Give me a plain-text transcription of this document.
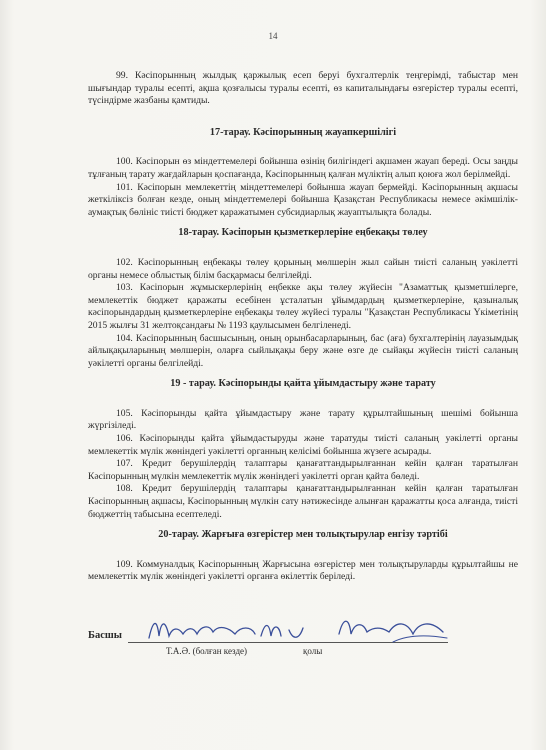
14

99. Кәсіпорынның жылдық қаржылық есеп беруі бухгалтерлік теңгерімді, табыстар мен шығындар туралы есепті, ақша қозғалысы туралы есепті, өз капиталындағы өзгерістер туралы есепті, түсіндірме жазбаны қамтиды.

17-тарау. Кәсіпорынның жауапкершілігі

100. Кәсіпорын өз міндеттемелері бойынша өзінің билігіндегі ақшамен жауап береді. Осы заңды тұлғаның тарату жағдайларын қоспағанда, Кәсіпорынның қалған мүліктің алып қоюға жол берілмейді.

101. Кәсіпорын мемлекеттің міндеттемелері бойынша жауап бермейді. Кәсіпорынның ақшасы жеткіліксіз болған кезде, оның міндеттемелері бойынша Қазақстан Республикасы немесе әкімшілік-аумақтық бөлініс тиісті бюджет қаражатымен субсидиарлық жауаптылықта болады.

18-тарау. Кәсіпорын қызметкерлеріне еңбекақы төлеу

102. Кәсіпорынның еңбекақы төлеу қорының мөлшерін жыл сайын тиісті саланың уәкілетті органы немесе облыстық білім басқармасы белгілейді.

103. Кәсіпорын жұмыскерлерінің еңбекке ақы төлеу жүйесін "Азаматтық қызметшілерге, мемлекеттік бюджет қаражаты есебінен ұсталатын ұйымдардың қызметкерлеріне, қазыналық кәсіпорындардың қызметкерлеріне еңбекақы төлеу жүйесі туралы "Қазақстан Республикасы Үкіметінің 2015 жылғы 31 желтоқсандағы № 1193 қаулысымен белгіленеді.

104. Кәсіпорынның басшысының, оның орынбасарларының, бас (аға) бухгалтерінің лауазымдық айлықақыларының мөлшерін, оларға сыйлықақы беру және өзге де сыйақы жүйесін тиісті саланың уәкілетті органы белгілейді.

19 - тарау. Кәсіпорынды қайта ұйымдастыру және тарату

105. Кәсіпорынды қайта ұйымдастыру және тарату құрылтайшының шешімі бойынша жүргізіледі.

106. Кәсіпорынды қайта ұйымдастыруды және таратуды тиісті саланың уәкілетті органы мемлекеттік мүлік жөніндегі уәкілетті органның келісімі бойынша жүзеге асырады.

107. Кредит берушілердің талаптары қанағаттандырылғаннан кейін қалған таратылған Кәсіпорынның мүлкін мемлекеттік мүлік жөніндегі уәкілетті орган қайта бөледі.

108. Кредит берушілердің талаптары қанағаттандырылғаннан кейін қалған таратылған Кәсіпорынның ақшасы, Кәсіпорынның мүлкін сату нәтижесінде алынған қаражатты қоса алғанда, тиісті бюджеттің табысына есептеледі.

20-тарау. Жарғыға өзгерістер мен толықтырулар енгізу тәртібі

109. Коммуналдық Кәсіпорынның Жарғысына өзгерістер мен толықтыруларды құрылтайшы не мемлекеттік мүлік жөніндегі уәкілетті органға өкілеттік беріледі.

Басшы
Т.А.Ә. (болған кезде)	қолы
